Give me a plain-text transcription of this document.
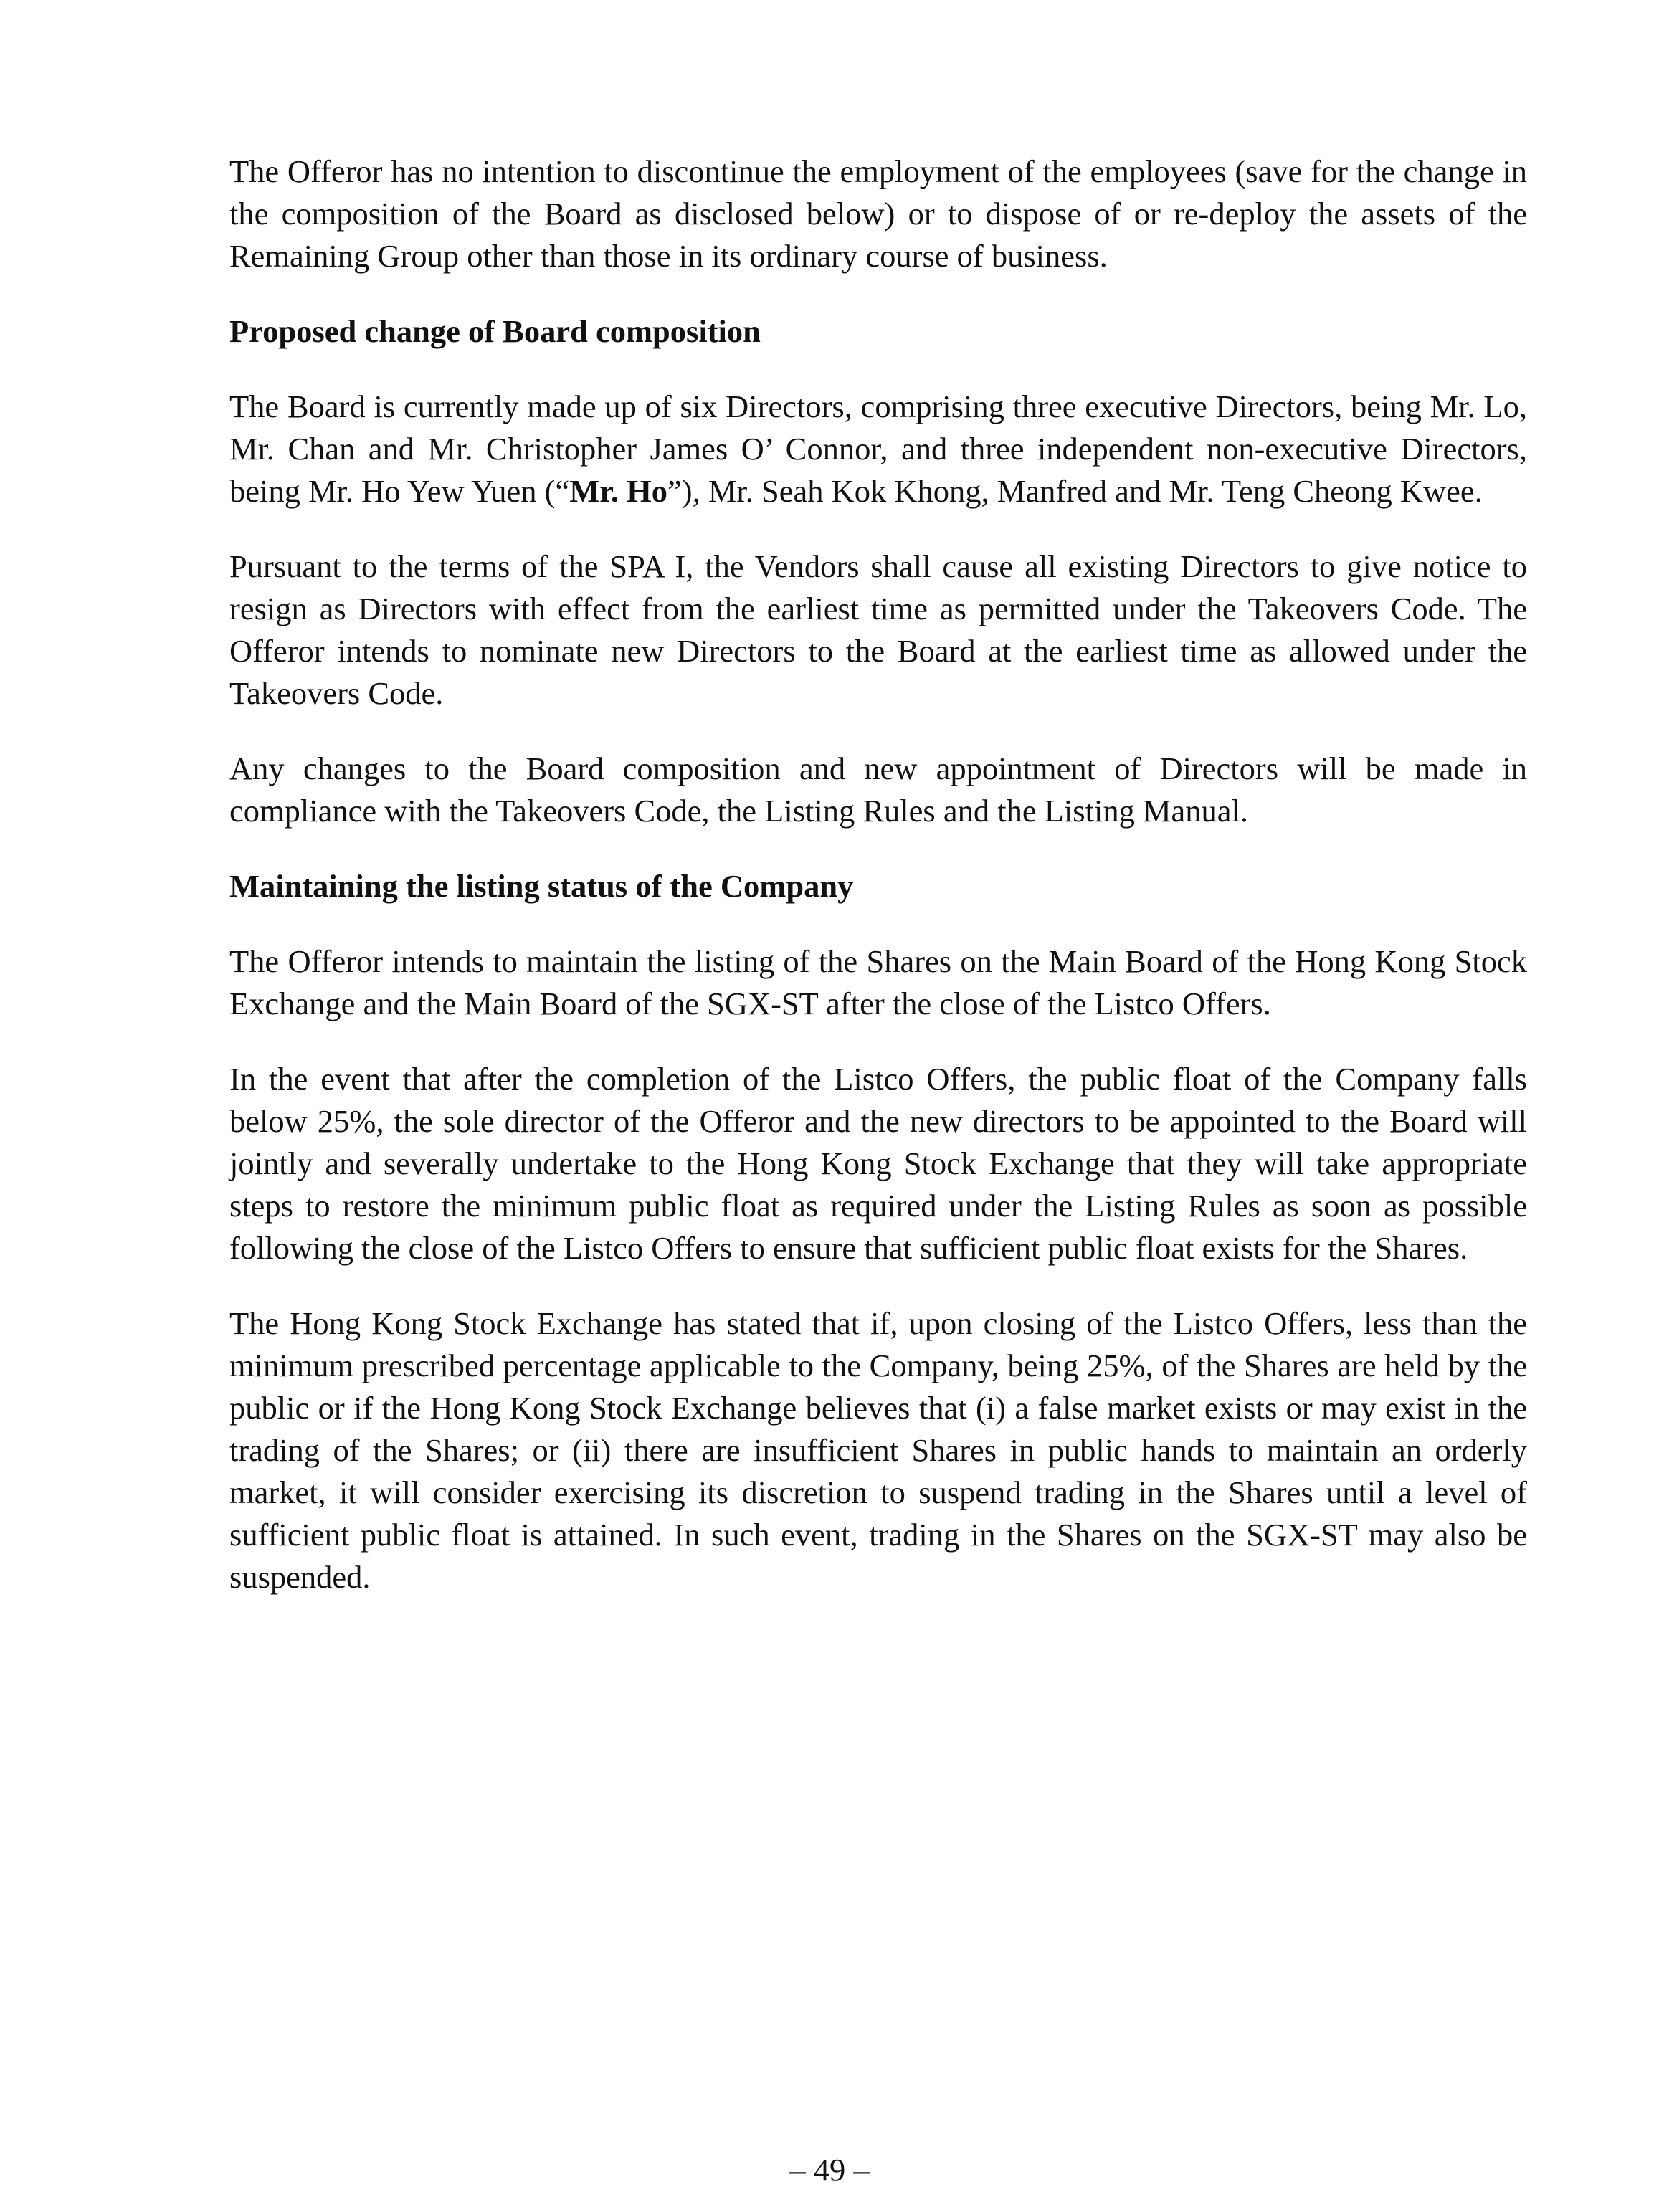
The Offeror has no intention to discontinue the employment of the employees (save for the change in the composition of the Board as disclosed below) or to dispose of or re-deploy the assets of the Remaining Group other than those in its ordinary course of business.

Proposed change of Board composition

The Board is currently made up of six Directors, comprising three executive Directors, being Mr. Lo, Mr. Chan and Mr. Christopher James O’ Connor, and three independent non-executive Directors, being Mr. Ho Yew Yuen (“Mr. Ho”), Mr. Seah Kok Khong, Manfred and Mr. Teng Cheong Kwee.

Pursuant to the terms of the SPA I, the Vendors shall cause all existing Directors to give notice to resign as Directors with effect from the earliest time as permitted under the Takeovers Code. The Offeror intends to nominate new Directors to the Board at the earliest time as allowed under the Takeovers Code.

Any changes to the Board composition and new appointment of Directors will be made in compliance with the Takeovers Code, the Listing Rules and the Listing Manual.

Maintaining the listing status of the Company

The Offeror intends to maintain the listing of the Shares on the Main Board of the Hong Kong Stock Exchange and the Main Board of the SGX-ST after the close of the Listco Offers.

In the event that after the completion of the Listco Offers, the public float of the Company falls below 25%, the sole director of the Offeror and the new directors to be appointed to the Board will jointly and severally undertake to the Hong Kong Stock Exchange that they will take appropriate steps to restore the minimum public float as required under the Listing Rules as soon as possible following the close of the Listco Offers to ensure that sufficient public float exists for the Shares.

The Hong Kong Stock Exchange has stated that if, upon closing of the Listco Offers, less than the minimum prescribed percentage applicable to the Company, being 25%, of the Shares are held by the public or if the Hong Kong Stock Exchange believes that (i) a false market exists or may exist in the trading of the Shares; or (ii) there are insufficient Shares in public hands to maintain an orderly market, it will consider exercising its discretion to suspend trading in the Shares until a level of sufficient public float is attained. In such event, trading in the Shares on the SGX-ST may also be suspended.

– 49 –
